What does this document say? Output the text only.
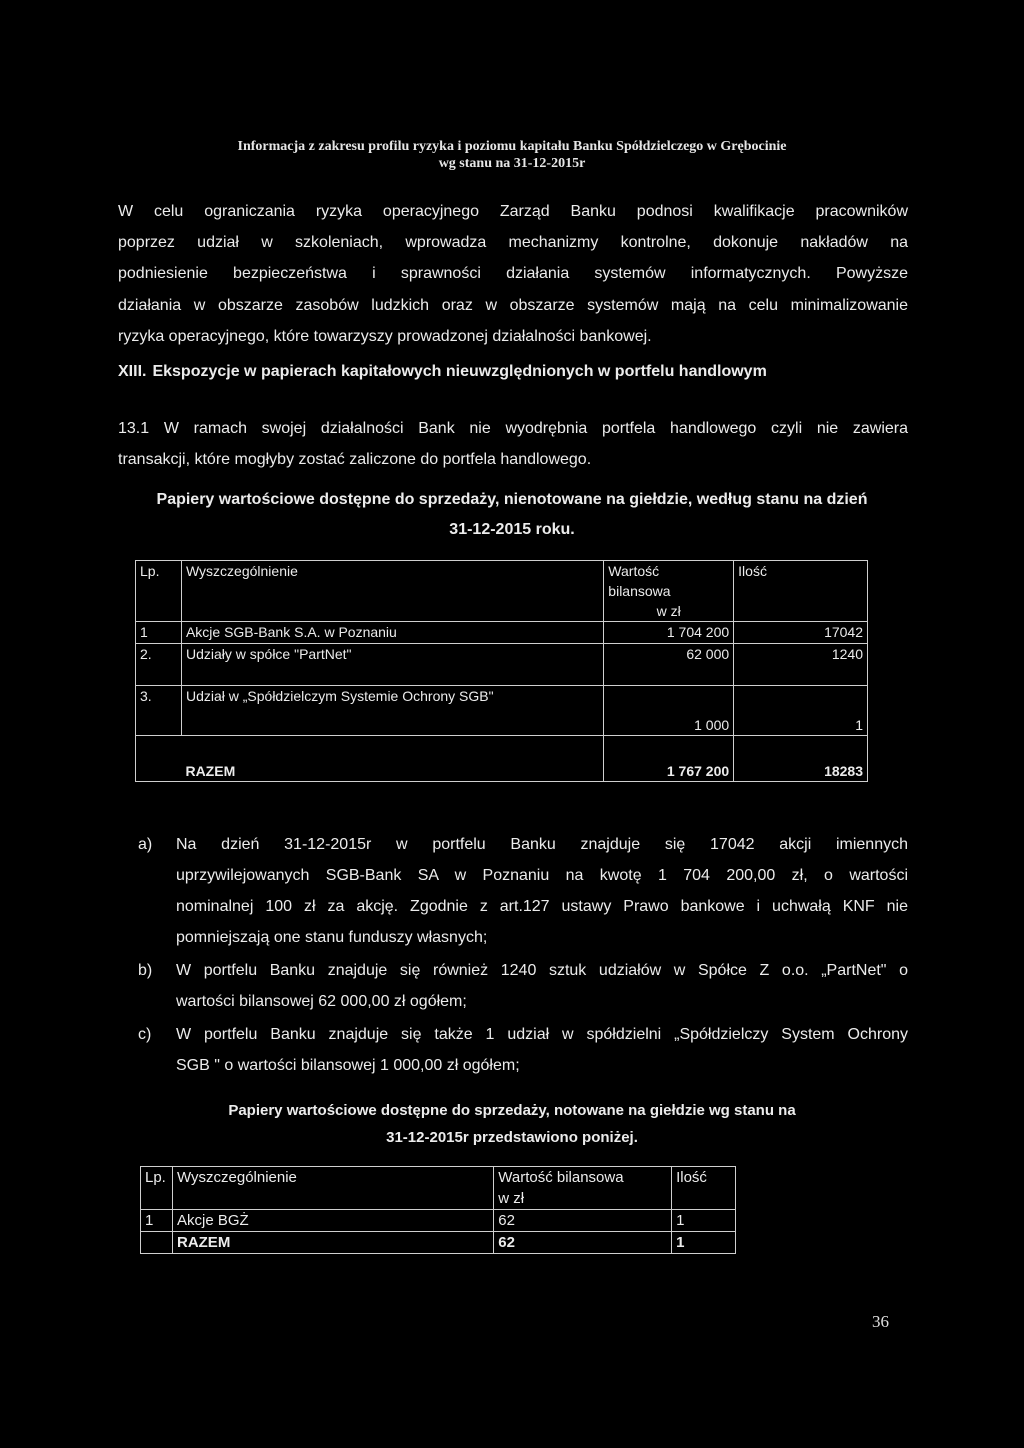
Informacja z zakresu profilu ryzyka i poziomu kapitału Banku Spółdzielczego w Grębocinie
wg stanu na 31-12-2015r
W celu ograniczania ryzyka operacyjnego Zarząd Banku podnosi kwalifikacje pracowników
poprzez udział w szkoleniach, wprowadza mechanizmy kontrolne, dokonuje nakładów na
podniesienie bezpieczeństwa i sprawności działania systemów informatycznych. Powyższe
działania w obszarze zasobów ludzkich oraz w obszarze systemów mają na celu minimalizowanie
ryzyka operacyjnego, które towarzyszy prowadzonej działalności bankowej.
XIII. Ekspozycje w papierach kapitałowych nieuwzględnionych w portfelu handlowym
13.1 W ramach swojej działalności Bank nie wyodrębnia portfela handlowego czyli nie zawiera
transakcji, które mogłyby zostać zaliczone do portfela handlowego.
Papiery wartościowe dostępne do sprzedaży, nienotowane na giełdzie, według stanu na dzień
31-12-2015 roku.
Lp.	Wyszczególnienie	Wartość
bilansowa
w zł	Ilość
1	Akcje SGB-Bank S.A. w Poznaniu	1 704 200	17042
2.	Udziały w spółce "PartNet"	62 000	1240
3.	Udział w „Spółdzielczym Systemie Ochrony SGB"	1 000	1
	RAZEM	1 767 200	18283
a) Na dzień 31-12-2015r w portfelu Banku znajduje się 17042 akcji imiennych
uprzywilejowanych SGB-Bank SA w Poznaniu na kwotę 1 704 200,00 zł, o wartości
nominalnej 100 zł za akcję. Zgodnie z art.127 ustawy Prawo bankowe i uchwałą KNF nie
pomniejszają one stanu funduszy własnych;
b) W portfelu Banku znajduje się również 1240 sztuk udziałów w Spółce Z o.o. „PartNet" o
wartości bilansowej 62 000,00 zł ogółem;
c) W portfelu Banku znajduje się także 1 udział w spółdzielni „Spółdzielczy System Ochrony
SGB " o wartości bilansowej 1 000,00 zł ogółem;
Papiery wartościowe dostępne do sprzedaży, notowane na giełdzie wg stanu na
31-12-2015r przedstawiono poniżej.
Lp.	Wyszczególnienie	Wartość bilansowa
w zł	Ilość
1	Akcje BGŻ	62	1
	RAZEM	62	1
36
